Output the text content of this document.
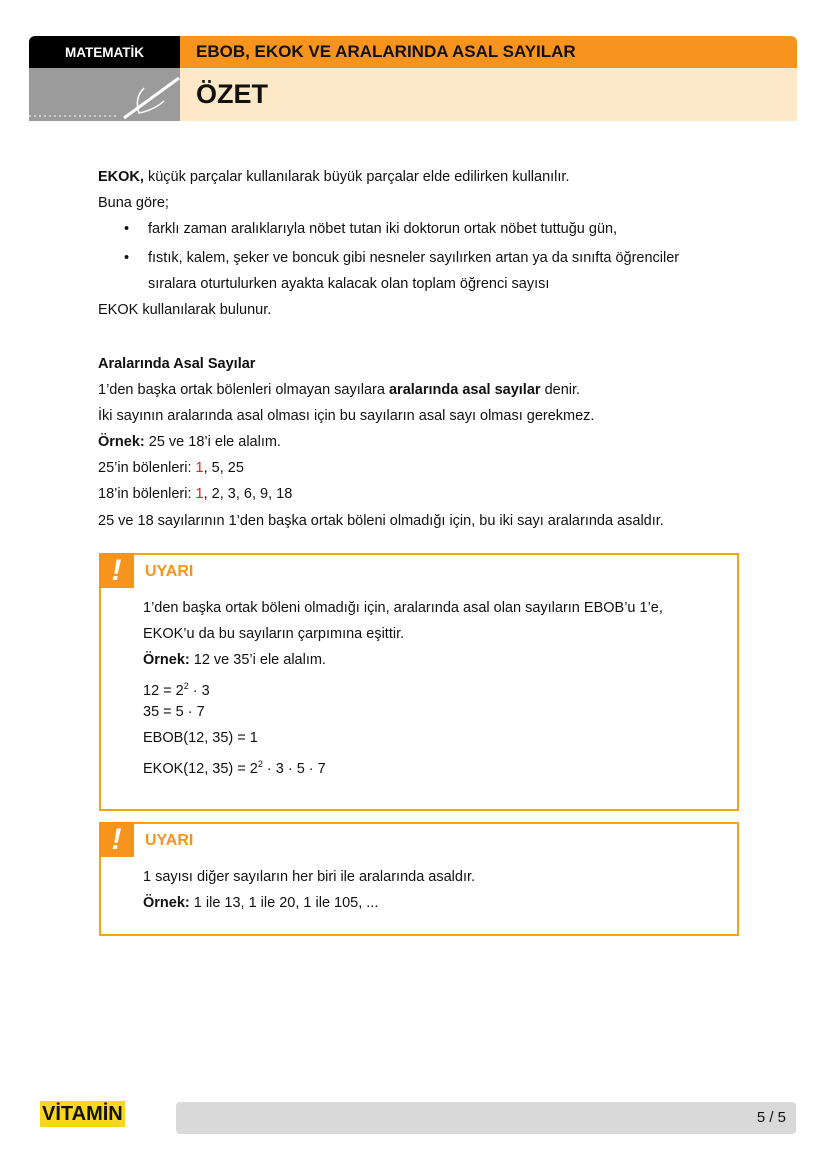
MATEMATİK	EBOB, EKOK VE ARALARINDA ASAL SAYILAR
ÖZET
EKOK, küçük parçalar kullanılarak büyük parçalar elde edilirken kullanılır.
Buna göre;
• farklı zaman aralıklarıyla nöbet tutan iki doktorun ortak nöbet tuttuğu gün,
• fıstık, kalem, şeker ve boncuk gibi nesneler sayılırken artan ya da sınıfta öğrenciler
sıralara oturtulurken ayakta kalacak olan toplam öğrenci sayısı
EKOK kullanılarak bulunur.
Aralarında Asal Sayılar
1’den başka ortak bölenleri olmayan sayılara aralarında asal sayılar denir.
İki sayının aralarında asal olması için bu sayıların asal sayı olması gerekmez.
Örnek: 25 ve 18’i ele alalım.
25’in bölenleri: 1, 5, 25
18’in bölenleri: 1, 2, 3, 6, 9, 18
25 ve 18 sayılarının 1’den başka ortak böleni olmadığı için, bu iki sayı aralarında asaldır.
!	UYARI
1’den başka ortak böleni olmadığı için, aralarında asal olan sayıların EBOB’u 1’e,
EKOK’u da bu sayıların çarpımına eşittir.
Örnek: 12 ve 35’i ele alalım.
$12 = 2^2 \cdot 3$
35 = 5 · 7
EBOB(12, 35) = 1
EKOK(12, $35) = 2^2 \cdot 3 \cdot 5 \cdot 7$
!	UYARI
1 sayısı diğer sayıların her biri ile aralarında asaldır.
Örnek: 1 ile 13, 1 ile 20, 1 ile 105, ...
VİTAMİN	5 / 5
